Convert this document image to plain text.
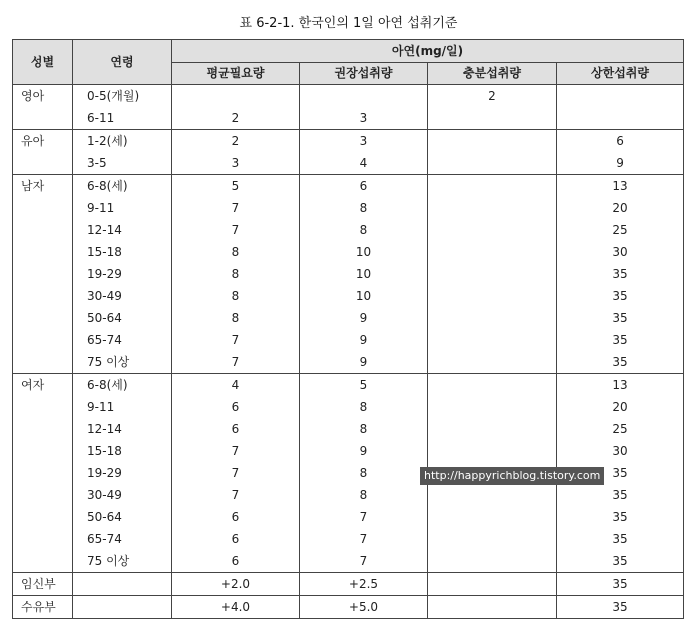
표 6-2-1. 한국인의 1일 아연 섭취기준
성별	연령	아연(mg/일)			
		평균필요량	권장섭취량	충분섭취량	상한섭취량
영아	0-5(개월)			2	
	6-11	2	3		
유아	1-2(세)	2	3		6
	3-5	3	4		9
남자	6-8(세)	5	6		13
	9-11	7	8		20
	12-14	7	8		25
	15-18	8	10		30
	19-29	8	10		35
	30-49	8	10		35
	50-64	8	9		35
	65-74	7	9		35
	75 이상	7	9		35
여자	6-8(세)	4	5		13
	9-11	6	8		20
	12-14	6	8		25
	15-18	7	9		30
	19-29	7	8		35
	30-49	7	8		35
	50-64	6	7		35
	65-74	6	7		35
	75 이상	6	7		35
임신부		+2.0	+2.5		35
수유부		+4.0	+5.0		35
http://happyrichblog.tistory.com
